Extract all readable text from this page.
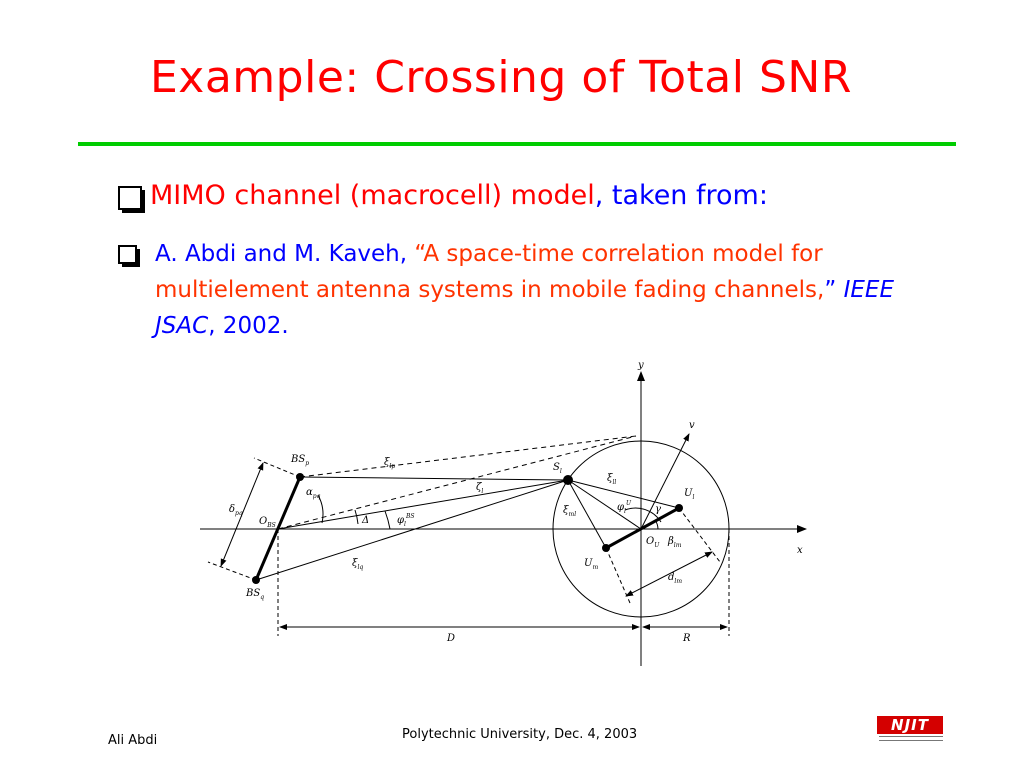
Example: Crossing of Total SNR
MIMO channel (macrocell) model, taken from:
A. Abdi and M. Kaveh, “A space-time correlation model for multielement antenna systems in mobile fading channels,” IEEE JSAC, 2002.
y
x
v
$BS_p$
$BS_q$
$O_{BS}$
$\delta_{pq}$
$\alpha_{pq}$
$\xi_{lp}$
$\xi_{lq}$
$\zeta_l$
Δ	$\varphi_l^{BS}$
$S_l$
$\xi_{ll}$
$\xi_{ml}$
$\varphi_l^U$
γ
$U_l$
$U_m$
$O_U$ $\beta_{lm}$
$d_{lm}$
D	R
Ali Abdi	Polytechnic University, Dec. 4, 2003
NJIT
